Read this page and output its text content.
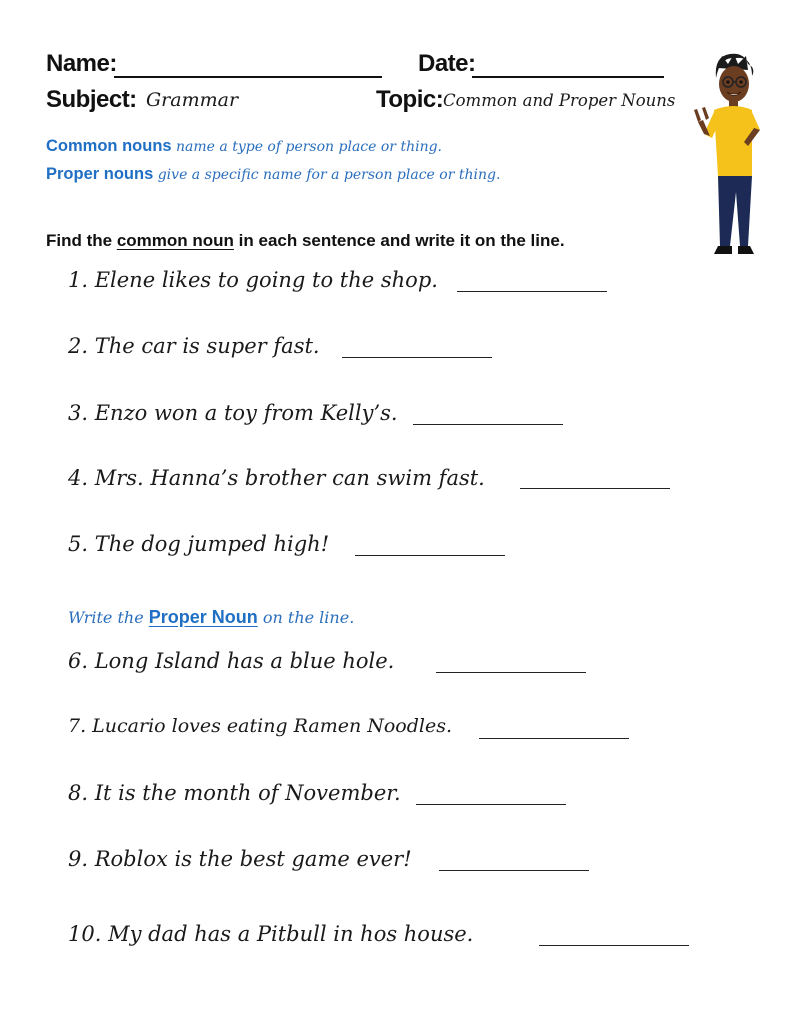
Name:	Date:
Subject: Grammar	Topic: Common and Proper Nouns
Common nouns name a type of person place or thing.
Proper nouns give a specific name for a person place or thing.
Find the common noun in each sentence and write it on the line.
1. Elene likes to going to the shop.
2. The car is super fast.
3. Enzo won a toy from Kelly’s.
4. Mrs. Hanna’s brother can swim fast.
5. The dog jumped high!
Write the Proper Noun on the line.
6. Long Island has a blue hole.
7. Lucario loves eating Ramen Noodles.
8. It is the month of November.
9. Roblox is the best game ever!
10. My dad has a Pitbull in hos house.
